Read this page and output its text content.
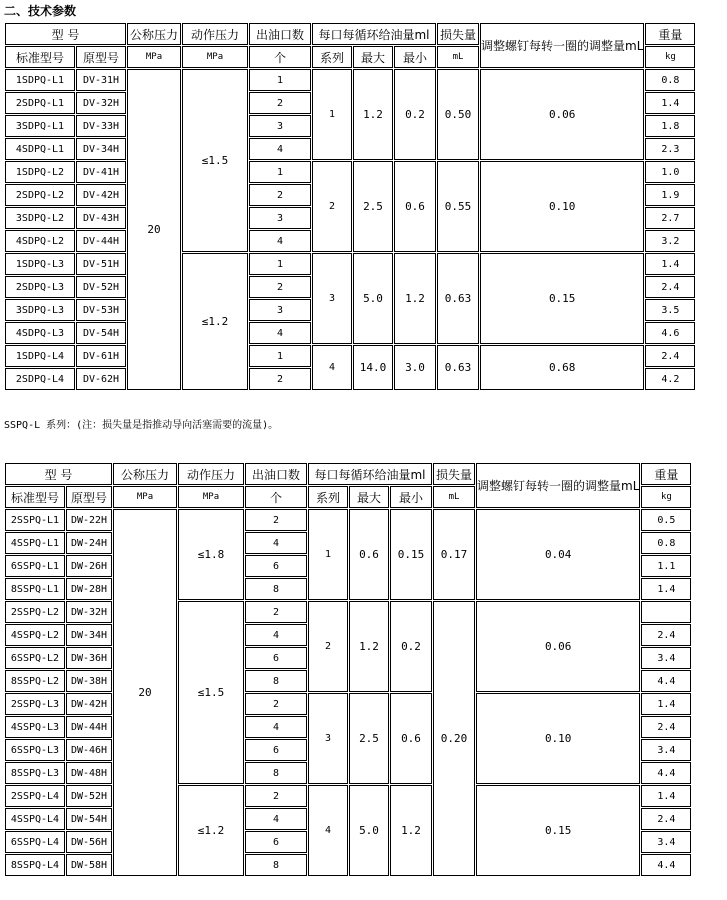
二、技术参数
型 号		公称压力	动作压力	出油口数	每口每循环给油量ml			损失量	调整螺钉每转一圈的调整量mL	重量
标准型号	原型号	MPa	MPa	个	系列	最大	最小	mL		kg
1SDPQ-L1	DV-31H	20	≤1.5	1	1	1.2	0.2	0.50	0.06	0.8
2SDPQ-L1	DV-32H			2						1.4
3SDPQ-L1	DV-33H			3						1.8
4SDPQ-L1	DV-34H			4						2.3
1SDPQ-L2	DV-41H			1	2	2.5	0.6	0.55	0.10	1.0
2SDPQ-L2	DV-42H			2						1.9
3SDPQ-L2	DV-43H			3						2.7
4SDPQ-L2	DV-44H			4						3.2
1SDPQ-L3	DV-51H		≤1.2	1	3	5.0	1.2	0.63	0.15	1.4
2SDPQ-L3	DV-52H			2						2.4
3SDPQ-L3	DV-53H			3						3.5
4SDPQ-L3	DV-54H			4						4.6
1SDPQ-L4	DV-61H			1	4	14.0	3.0	0.63	0.68	2.4
2SDPQ-L4	DV-62H			2						4.2
SSPQ-L 系列：(注：损失量是指推动导向活塞需要的流量)。
型 号		公称压力	动作压力	出油口数	每口每循环给油量ml			损失量	调整螺钉每转一圈的调整量mL	重量
标准型号	原型号	MPa	MPa	个	系列	最大	最小	mL		kg
2SSPQ-L1	DW-22H	20	≤1.8	2	1	0.6	0.15	0.17	0.04	0.5
4SSPQ-L1	DW-24H			4						0.8
6SSPQ-L1	DW-26H			6						1.1
8SSPQ-L1	DW-28H			8						1.4
2SSPQ-L2	DW-32H		≤1.5	2	2	1.2	0.2	0.20	0.06	
4SSPQ-L2	DW-34H			4						2.4
6SSPQ-L2	DW-36H			6						3.4
8SSPQ-L2	DW-38H			8						4.4
2SSPQ-L3	DW-42H			2	3	2.5	0.6		0.10	1.4
4SSPQ-L3	DW-44H			4						2.4
6SSPQ-L3	DW-46H			6						3.4
8SSPQ-L3	DW-48H			8						4.4
2SSPQ-L4	DW-52H		≤1.2	2	4	5.0	1.2		0.15	1.4
4SSPQ-L4	DW-54H			4						2.4
6SSPQ-L4	DW-56H			6						3.4
8SSPQ-L4	DW-58H			8						4.4
